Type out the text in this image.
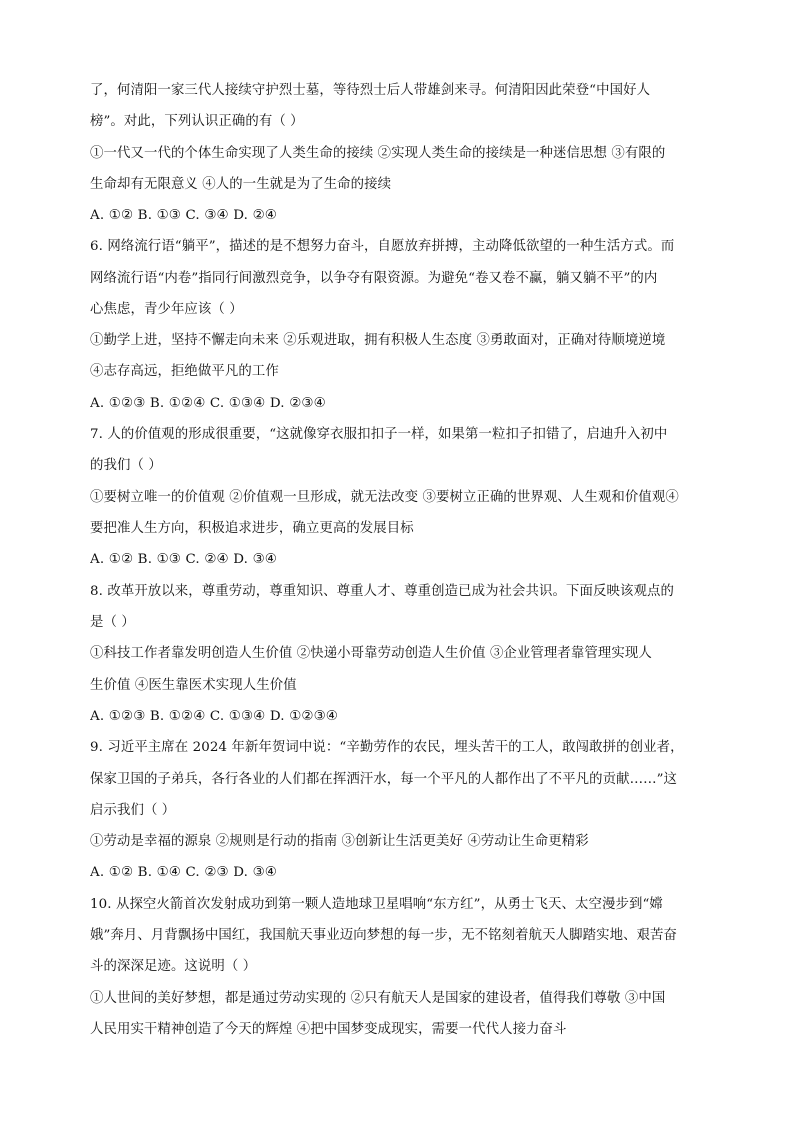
了，何清阳一家三代人接续守护烈士墓，等待烈士后人带雄剑来寻。何清阳因此荣登“中国好人
榜”。对此，下列认识正确的有（ ）
①一代又一代的个体生命实现了人类生命的接续 ②实现人类生命的接续是一种迷信思想 ③有限的
生命却有无限意义 ④人的一生就是为了生命的接续
A. ①② B. ①③ C. ③④ D. ②④
6. 网络流行语“躺平”，描述的是不想努力奋斗，自愿放弃拼搏，主动降低欲望的一种生活方式。而
网络流行语“内卷”指同行间激烈竞争，以争夺有限资源。为避免“卷又卷不赢，躺又躺不平”的内
心焦虑，青少年应该（ ）
①勤学上进，坚持不懈走向未来 ②乐观进取，拥有积极人生态度 ③勇敢面对，正确对待顺境逆境
④志存高远，拒绝做平凡的工作
A. ①②③ B. ①②④ C. ①③④ D. ②③④
7. 人的价值观的形成很重要，“这就像穿衣服扣扣子一样，如果第一粒扣子扣错了，启迪升入初中
的我们（ ）
①要树立唯一的价值观 ②价值观一旦形成，就无法改变 ③要树立正确的世界观、人生观和价值观④
要把准人生方向，积极追求进步，确立更高的发展目标
A. ①② B. ①③ C. ②④ D. ③④
8. 改革开放以来，尊重劳动，尊重知识、尊重人才、尊重创造已成为社会共识。下面反映该观点的
是（ ）
①科技工作者靠发明创造人生价值 ②快递小哥靠劳动创造人生价值 ③企业管理者靠管理实现人
生价值 ④医生靠医术实现人生价值
A. ①②③ B. ①②④ C. ①③④ D. ①②③④
9. 习近平主席在 2024 年新年贺词中说：“辛勤劳作的农民，埋头苦干的工人，敢闯敢拼的创业者，
保家卫国的子弟兵，各行各业的人们都在挥洒汗水，每一个平凡的人都作出了不平凡的贡献……”这
启示我们（ ）
①劳动是幸福的源泉 ②规则是行动的指南 ③创新让生活更美好 ④劳动让生命更精彩
A. ①② B. ①④ C. ②③ D. ③④
10. 从探空火箭首次发射成功到第一颗人造地球卫星唱响“东方红”，从勇士飞天、太空漫步到“嫦
娥”奔月、月背飘扬中国红，我国航天事业迈向梦想的每一步，无不铭刻着航天人脚踏实地、艰苦奋
斗的深深足迹。这说明（ ）
①人世间的美好梦想，都是通过劳动实现的 ②只有航天人是国家的建设者，值得我们尊敬 ③中国
人民用实干精神创造了今天的辉煌 ④把中国梦变成现实，需要一代代人接力奋斗
